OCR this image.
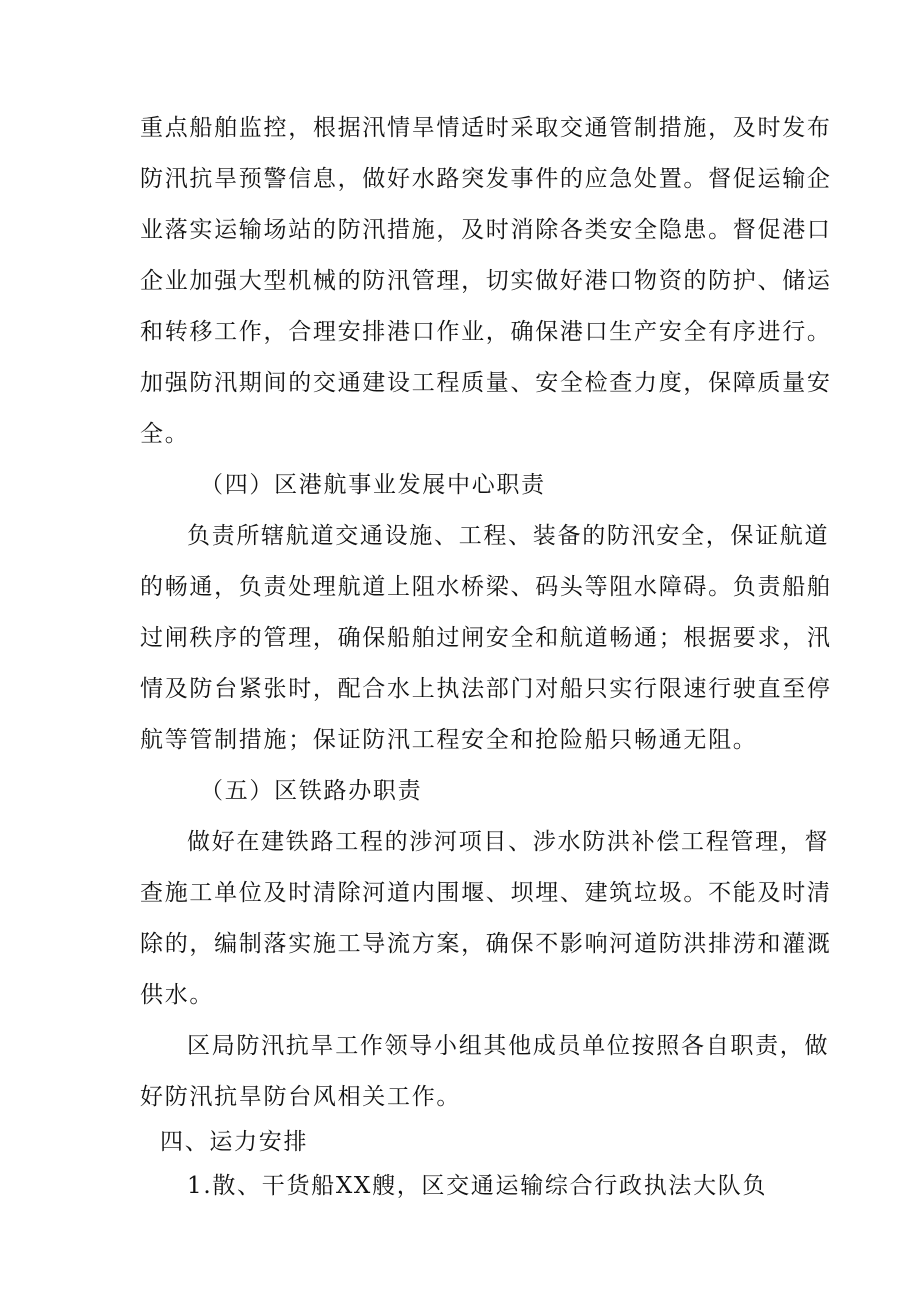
重点船舶监控，根据汛情旱情适时采取交通管制措施，及时发布
防汛抗旱预警信息，做好水路突发事件的应急处置。督促运输企
业落实运输场站的防汛措施，及时消除各类安全隐患。督促港口
企业加强大型机械的防汛管理，切实做好港口物资的防护、储运
和转移工作，合理安排港口作业，确保港口生产安全有序进行。
加强防汛期间的交通建设工程质量、安全检查力度，保障质量安
全。
（四）区港航事业发展中心职责
负责所辖航道交通设施、工程、装备的防汛安全，保证航道
的畅通，负责处理航道上阻水桥梁、码头等阻水障碍。负责船舶
过闸秩序的管理，确保船舶过闸安全和航道畅通；根据要求，汛
情及防台紧张时，配合水上执法部门对船只实行限速行驶直至停
航等管制措施；保证防汛工程安全和抢险船只畅通无阻。
（五）区铁路办职责
做好在建铁路工程的涉河项目、涉水防洪补偿工程管理，督
查施工单位及时清除河道内围堰、坝埋、建筑垃圾。不能及时清
除的，编制落实施工导流方案，确保不影响河道防洪排涝和灌溉
供水。
区局防汛抗旱工作领导小组其他成员单位按照各自职责，做
好防汛抗旱防台风相关工作。
四、运力安排
1.散、干货船XX艘，区交通运输综合行政执法大队负
